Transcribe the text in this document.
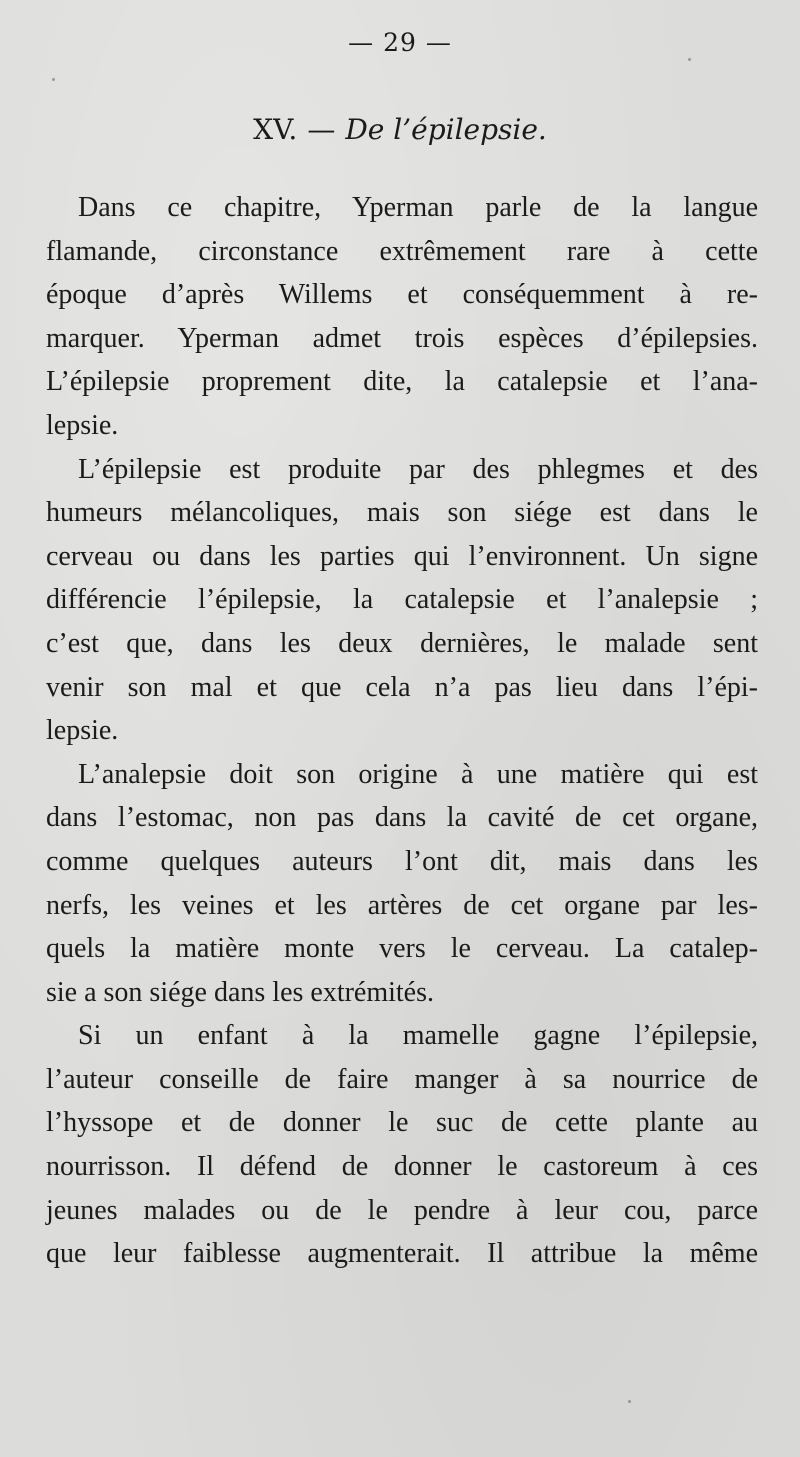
— 29 —
XV. — De l’épilepsie.

Dans ce chapitre, Yperman parle de la langue
flamande, circonstance extrêmement rare à cette
époque d’après Willems et conséquemment à re-
marquer. Yperman admet trois espèces d’épilepsies.
L’épilepsie proprement dite, la catalepsie et l’ana-
lepsie.

L’épilepsie est produite par des phlegmes et des
humeurs mélancoliques, mais son siége est dans le
cerveau ou dans les parties qui l’environnent. Un signe
différencie l’épilepsie, la catalepsie et l’analepsie ;
c’est que, dans les deux dernières, le malade sent
venir son mal et que cela n’a pas lieu dans l’épi-
lepsie.

L’analepsie doit son origine à une matière qui est
dans l’estomac, non pas dans la cavité de cet organe,
comme quelques auteurs l’ont dit, mais dans les
nerfs, les veines et les artères de cet organe par les-
quels la matière monte vers le cerveau. La catalep-
sie a son siége dans les extrémités.

Si un enfant à la mamelle gagne l’épilepsie,
l’auteur conseille de faire manger à sa nourrice de
l’hyssope et de donner le suc de cette plante au
nourrisson. Il défend de donner le castoreum à ces
jeunes malades ou de le pendre à leur cou, parce
que leur faiblesse augmenterait. Il attribue la même
